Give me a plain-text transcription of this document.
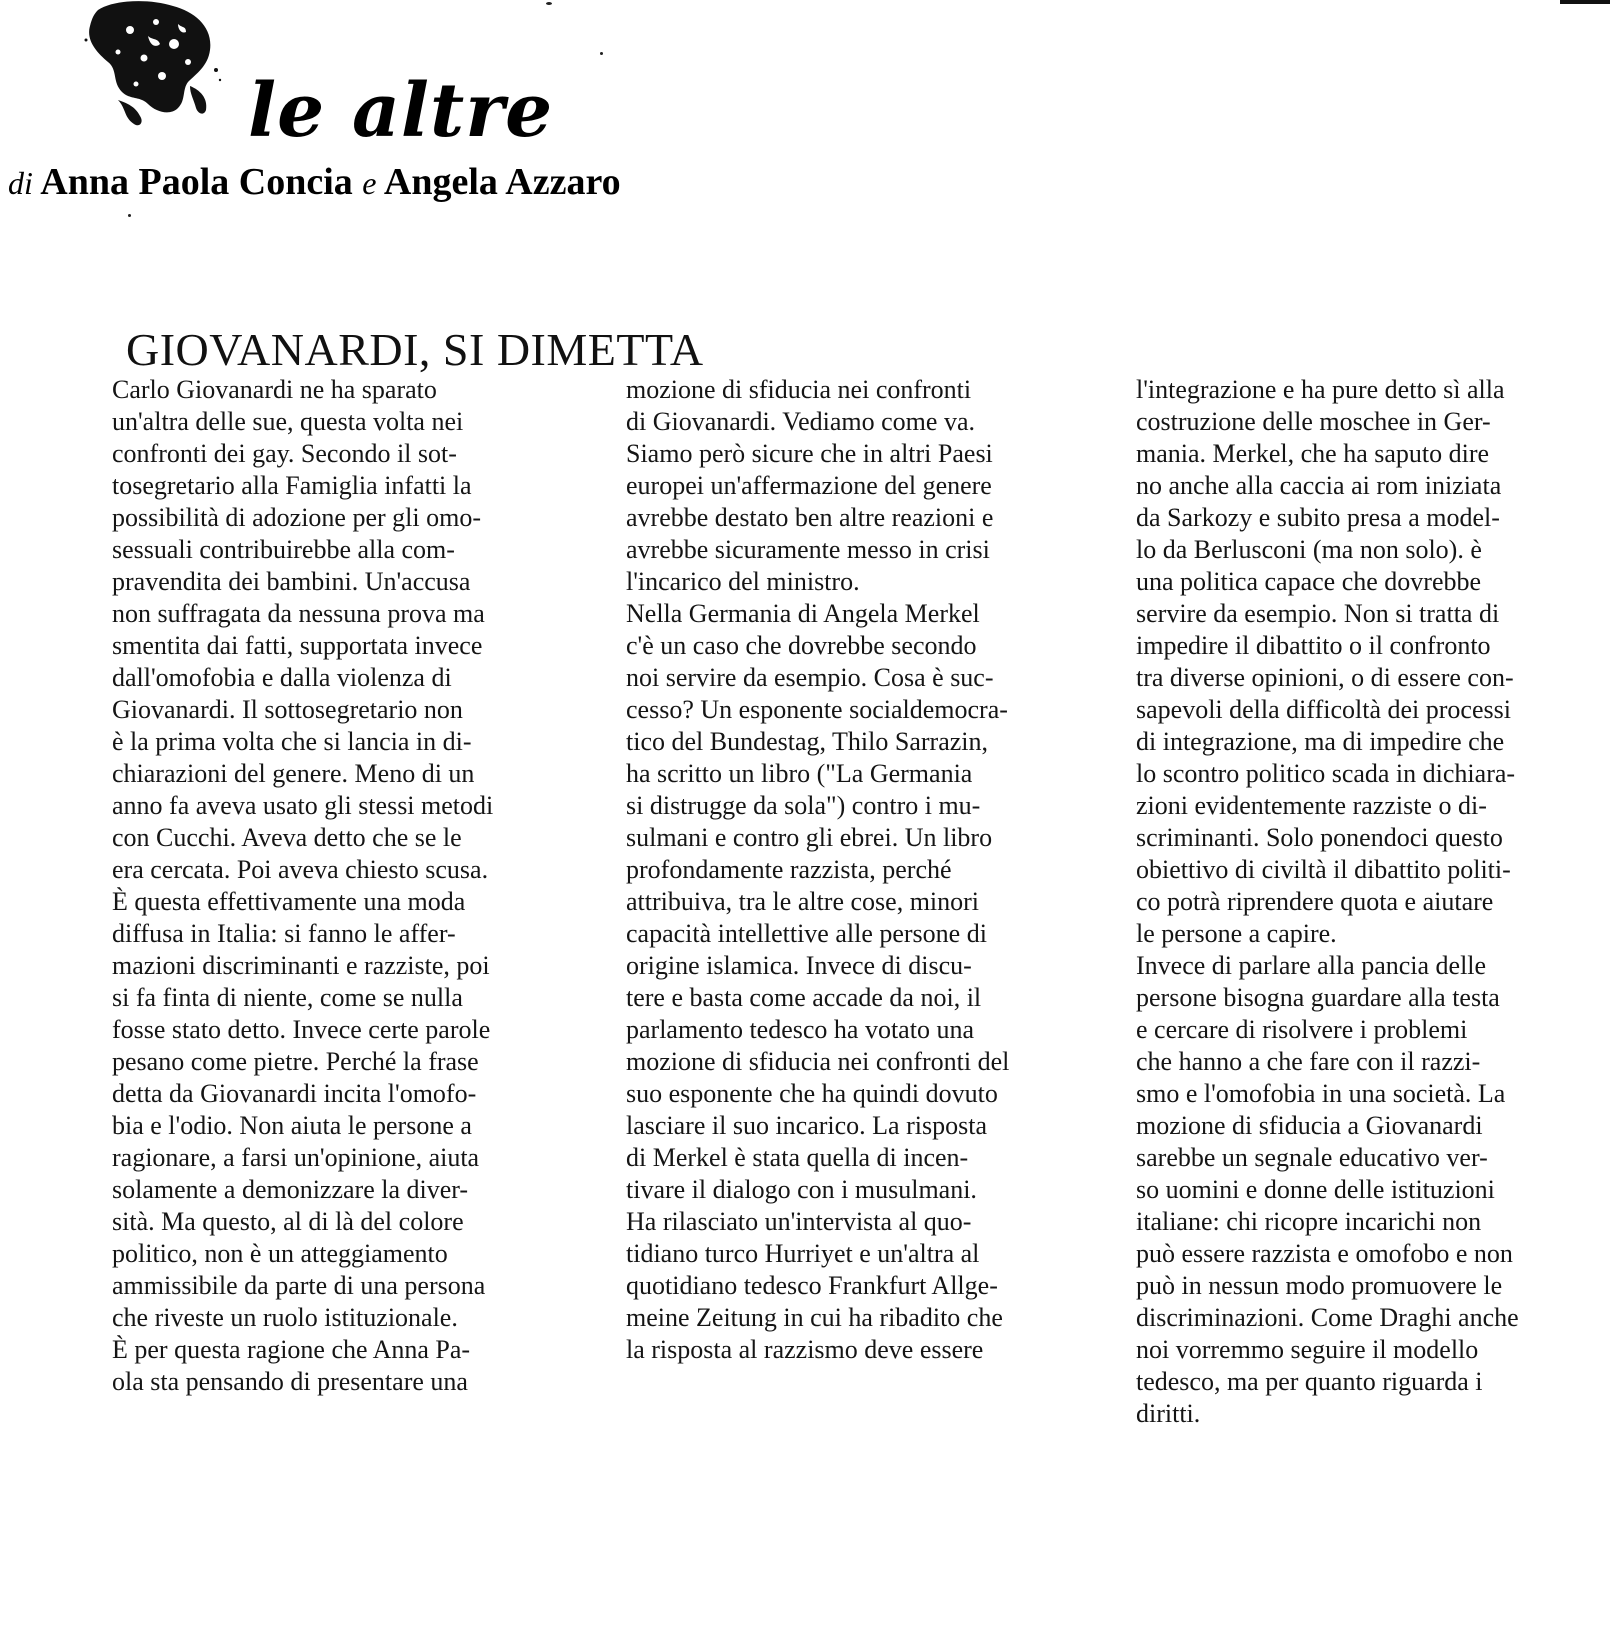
le altre
di Anna Paola Concia e Angela Azzaro
GIOVANARDI, SI DIMETTA
Carlo Giovanardi ne ha sparato
un'altra delle sue, questa volta nei
confronti dei gay. Secondo il sot-
tosegretario alla Famiglia infatti la
possibilità di adozione per gli omo-
sessuali contribuirebbe alla com-
pravendita dei bambini. Un'accusa
non suffragata da nessuna prova ma
smentita dai fatti, supportata invece
dall'omofobia e dalla violenza di
Giovanardi. Il sottosegretario non
è la prima volta che si lancia in di-
chiarazioni del genere. Meno di un
anno fa aveva usato gli stessi metodi
con Cucchi. Aveva detto che se le
era cercata. Poi aveva chiesto scusa.
È questa effettivamente una moda
diffusa in Italia: si fanno le affer-
mazioni discriminanti e razziste, poi
si fa finta di niente, come se nulla
fosse stato detto. Invece certe parole
pesano come pietre. Perché la frase
detta da Giovanardi incita l'omofo-
bia e l'odio. Non aiuta le persone a
ragionare, a farsi un'opinione, aiuta
solamente a demonizzare la diver-
sità. Ma questo, al di là del colore
politico, non è un atteggiamento
ammissibile da parte di una persona
che riveste un ruolo istituzionale.
È per questa ragione che Anna Pa-
ola sta pensando di presentare una
mozione di sfiducia nei confronti
di Giovanardi. Vediamo come va.
Siamo però sicure che in altri Paesi
europei un'affermazione del genere
avrebbe destato ben altre reazioni e
avrebbe sicuramente messo in crisi
l'incarico del ministro.
Nella Germania di Angela Merkel
c'è un caso che dovrebbe secondo
noi servire da esempio. Cosa è suc-
cesso? Un esponente socialdemocra-
tico del Bundestag, Thilo Sarrazin,
ha scritto un libro ("La Germania
si distrugge da sola") contro i mu-
sulmani e contro gli ebrei. Un libro
profondamente razzista, perché
attribuiva, tra le altre cose, minori
capacità intellettive alle persone di
origine islamica. Invece di discu-
tere e basta come accade da noi, il
parlamento tedesco ha votato una
mozione di sfiducia nei confronti del
suo esponente che ha quindi dovuto
lasciare il suo incarico. La risposta
di Merkel è stata quella di incen-
tivare il dialogo con i musulmani.
Ha rilasciato un'intervista al quo-
tidiano turco Hurriyet e un'altra al
quotidiano tedesco Frankfurt Allge-
meine Zeitung in cui ha ribadito che
la risposta al razzismo deve essere
l'integrazione e ha pure detto sì alla
costruzione delle moschee in Ger-
mania. Merkel, che ha saputo dire
no anche alla caccia ai rom iniziata
da Sarkozy e subito presa a model-
lo da Berlusconi (ma non solo). è
una politica capace che dovrebbe
servire da esempio. Non si tratta di
impedire il dibattito o il confronto
tra diverse opinioni, o di essere con-
sapevoli della difficoltà dei processi
di integrazione, ma di impedire che
lo scontro politico scada in dichiara-
zioni evidentemente razziste o di-
scriminanti. Solo ponendoci questo
obiettivo di civiltà il dibattito politi-
co potrà riprendere quota e aiutare
le persone a capire.
Invece di parlare alla pancia delle
persone bisogna guardare alla testa
e cercare di risolvere i problemi
che hanno a che fare con il razzi-
smo e l'omofobia in una società. La
mozione di sfiducia a Giovanardi
sarebbe un segnale educativo ver-
so uomini e donne delle istituzioni
italiane: chi ricopre incarichi non
può essere razzista e omofobo e non
può in nessun modo promuovere le
discriminazioni. Come Draghi anche
noi vorremmo seguire il modello
tedesco, ma per quanto riguarda i
diritti.
